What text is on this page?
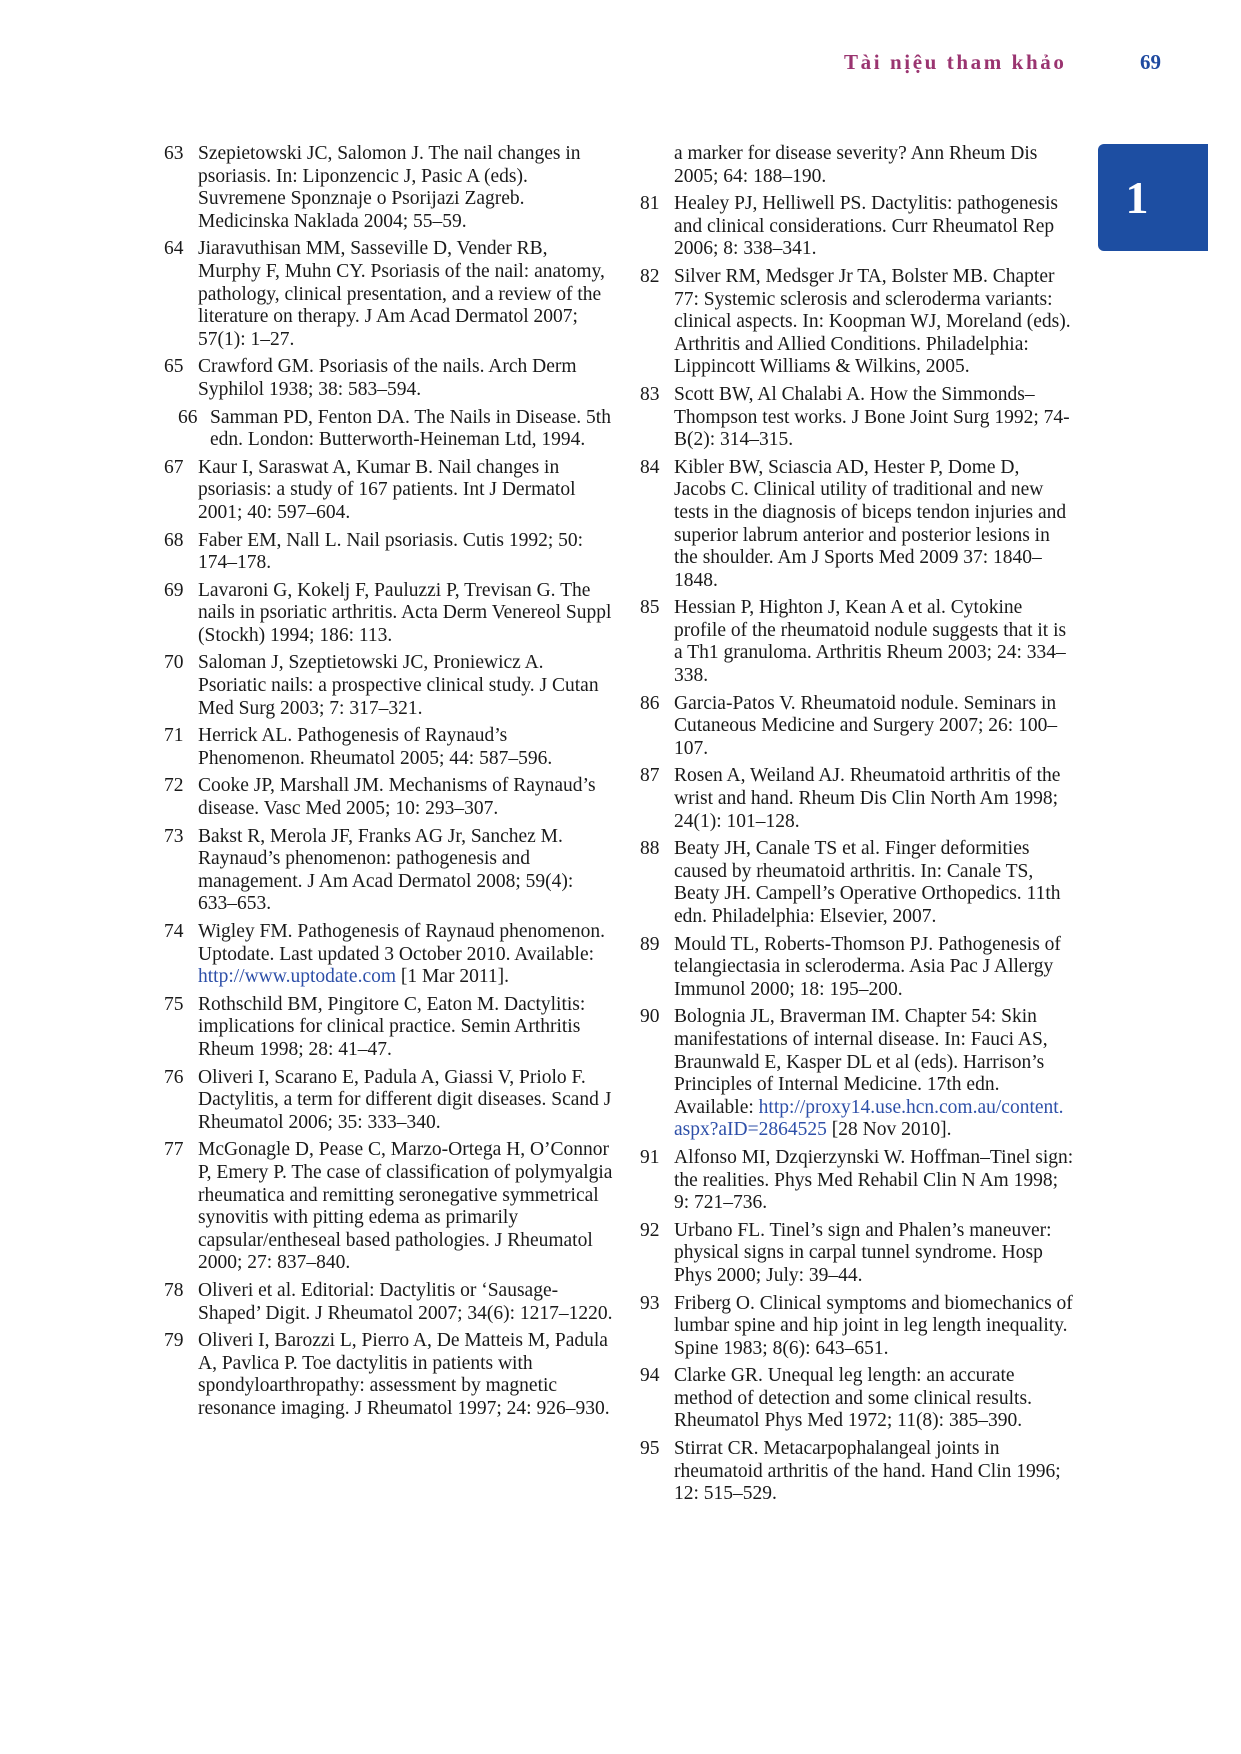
Tài nịệu tham khảo	69
1
63 Szepietowski JC, Salomon J. The nail changes in psoriasis. In: Liponzencic J, Pasic A (eds). Suvremene Sponznaje o Psorijazi Zagreb. Medicinska Naklada 2004; 55–59.
64 Jiaravuthisan MM, Sasseville D, Vender RB, Murphy F, Muhn CY. Psoriasis of the nail: anatomy, pathology, clinical presentation, and a review of the literature on therapy. J Am Acad Dermatol 2007; 57(1): 1–27.
65 Crawford GM. Psoriasis of the nails. Arch Derm Syphilol 1938; 38: 583–594.
66 Samman PD, Fenton DA. The Nails in Disease. 5th edn. London: Butterworth-Heineman Ltd, 1994.
67 Kaur I, Saraswat A, Kumar B. Nail changes in psoriasis: a study of 167 patients. Int J Dermatol 2001; 40: 597–604.
68 Faber EM, Nall L. Nail psoriasis. Cutis 1992; 50: 174–178.
69 Lavaroni G, Kokelj F, Pauluzzi P, Trevisan G. The nails in psoriatic arthritis. Acta Derm Venereol Suppl (Stockh) 1994; 186: 113.
70 Saloman J, Szeptietowski JC, Proniewicz A. Psoriatic nails: a prospective clinical study. J Cutan Med Surg 2003; 7: 317–321.
71 Herrick AL. Pathogenesis of Raynaud’s Phenomenon. Rheumatol 2005; 44: 587–596.
72 Cooke JP, Marshall JM. Mechanisms of Raynaud’s disease. Vasc Med 2005; 10: 293–307.
73 Bakst R, Merola JF, Franks AG Jr, Sanchez M. Raynaud’s phenomenon: pathogenesis and management. J Am Acad Dermatol 2008; 59(4): 633–653.
74 Wigley FM. Pathogenesis of Raynaud phenomenon. Uptodate. Last updated 3 October 2010. Available: http://www.uptodate.com [1 Mar 2011].
75 Rothschild BM, Pingitore C, Eaton M. Dactylitis: implications for clinical practice. Semin Arthritis Rheum 1998; 28: 41–47.
76 Oliveri I, Scarano E, Padula A, Giassi V, Priolo F. Dactylitis, a term for different digit diseases. Scand J Rheumatol 2006; 35: 333–340.
77 McGonagle D, Pease C, Marzo-Ortega H, O’Connor P, Emery P. The case of classification of polymyalgia rheumatica and remitting seronegative symmetrical synovitis with pitting edema as primarily capsular/entheseal based pathologies. J Rheumatol 2000; 27: 837–840.
78 Oliveri et al. Editorial: Dactylitis or ‘Sausage-Shaped’ Digit. J Rheumatol 2007; 34(6): 1217–1220.
79 Oliveri I, Barozzi L, Pierro A, De Matteis M, Padula A, Pavlica P. Toe dactylitis in patients with spondyloarthropathy: assessment by magnetic resonance imaging. J Rheumatol 1997; 24: 926–930.
a marker for disease severity? Ann Rheum Dis 2005; 64: 188–190.
81 Healey PJ, Helliwell PS. Dactylitis: pathogenesis and clinical considerations. Curr Rheumatol Rep 2006; 8: 338–341.
82 Silver RM, Medsger Jr TA, Bolster MB. Chapter 77: Systemic sclerosis and scleroderma variants: clinical aspects. In: Koopman WJ, Moreland (eds). Arthritis and Allied Conditions. Philadelphia: Lippincott Williams & Wilkins, 2005.
83 Scott BW, Al Chalabi A. How the Simmonds– Thompson test works. J Bone Joint Surg 1992; 74-B(2): 314–315.
84 Kibler BW, Sciascia AD, Hester P, Dome D, Jacobs C. Clinical utility of traditional and new tests in the diagnosis of biceps tendon injuries and superior labrum anterior and posterior lesions in the shoulder. Am J Sports Med 2009 37: 1840–1848.
85 Hessian P, Highton J, Kean A et al. Cytokine profile of the rheumatoid nodule suggests that it is a Th1 granuloma. Arthritis Rheum 2003; 24: 334–338.
86 Garcia-Patos V. Rheumatoid nodule. Seminars in Cutaneous Medicine and Surgery 2007; 26: 100–107.
87 Rosen A, Weiland AJ. Rheumatoid arthritis of the wrist and hand. Rheum Dis Clin North Am 1998; 24(1): 101–128.
88 Beaty JH, Canale TS et al. Finger deformities caused by rheumatoid arthritis. In: Canale TS, Beaty JH. Campell’s Operative Orthopedics. 11th edn. Philadelphia: Elsevier, 2007.
89 Mould TL, Roberts-Thomson PJ. Pathogenesis of telangiectasia in scleroderma. Asia Pac J Allergy Immunol 2000; 18: 195–200.
90 Bolognia JL, Braverman IM. Chapter 54: Skin manifestations of internal disease. In: Fauci AS, Braunwald E, Kasper DL et al (eds). Harrison’s Principles of Internal Medicine. 17th edn. Available: http://proxy14.use.hcn.com.au/content. aspx?aID=2864525 [28 Nov 2010].
91 Alfonso MI, Dzqierzynski W. Hoffman–Tinel sign: the realities. Phys Med Rehabil Clin N Am 1998; 9: 721–736.
92 Urbano FL. Tinel’s sign and Phalen’s maneuver: physical signs in carpal tunnel syndrome. Hosp Phys 2000; July: 39–44.
93 Friberg O. Clinical symptoms and biomechanics of lumbar spine and hip joint in leg length inequality. Spine 1983; 8(6): 643–651.
94 Clarke GR. Unequal leg length: an accurate method of detection and some clinical results. Rheumatol Phys Med 1972; 11(8): 385–390.
95 Stirrat CR. Metacarpophalangeal joints in rheumatoid arthritis of the hand. Hand Clin 1996; 12: 515–529.
